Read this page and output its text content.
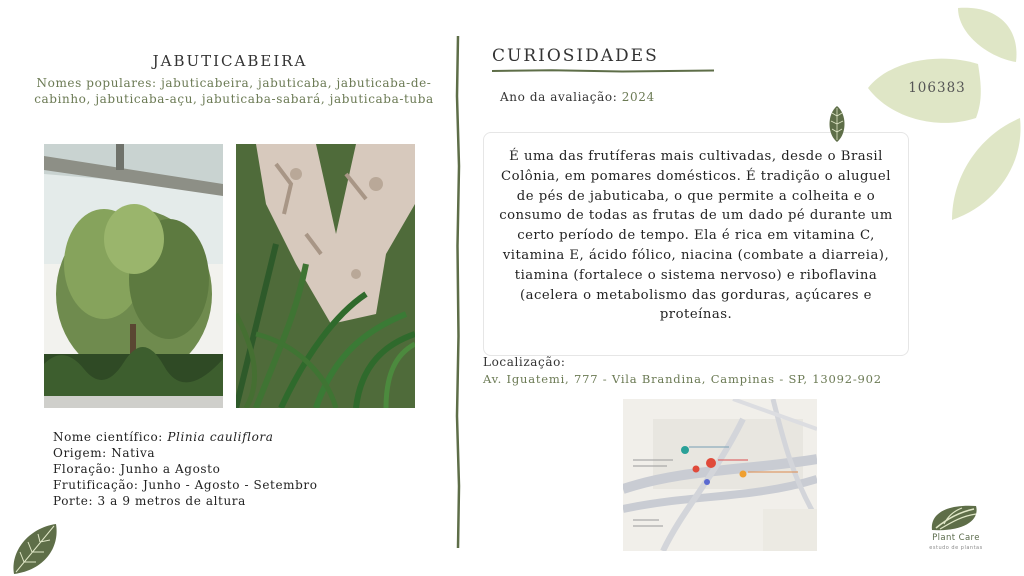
JABUTICABEIRA
Nomes populares: jabuticabeira, jabuticaba, jabuticaba-de-cabinho, jabuticaba-açu, jabuticaba-sabará, jabuticaba-tuba
Nome científico: Plinia cauliflora
Origem: Nativa
Floração: Junho a Agosto
Frutificação: Junho - Agosto - Setembro
Porte: 3 a 9 metros de altura
CURIOSIDADES
Ano da avaliação: 2024
É uma das frutíferas mais cultivadas, desde o Brasil Colônia, em pomares domésticos. É tradição o aluguel de pés de jabuticaba, o que permite a colheita e o consumo de todas as frutas de um dado pé durante um certo período de tempo. Ela é rica em vitamina C, vitamina E, ácido fólico, niacina (combate a diarreia), tiamina (fortalece o sistema nervoso) e riboflavina (acelera o metabolismo das gorduras, açúcares e proteínas.
Localização:
Av. Iguatemi, 777 - Vila Brandina, Campinas - SP, 13092-902
106383
Plant Care
estudo de plantas
